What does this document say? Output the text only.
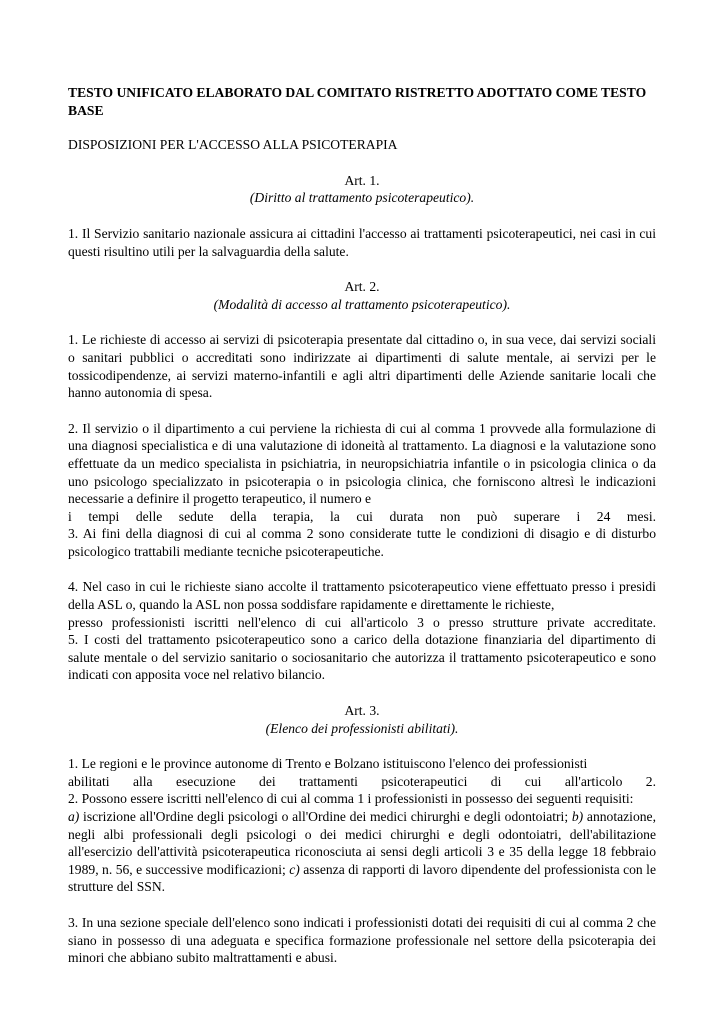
TESTO UNIFICATO ELABORATO DAL COMITATO RISTRETTO ADOTTATO COME TESTO BASE

DISPOSIZIONI PER L'ACCESSO ALLA PSICOTERAPIA

Art. 1.
(Diritto al trattamento psicoterapeutico).

1. Il Servizio sanitario nazionale assicura ai cittadini l'accesso ai trattamenti psicoterapeutici, nei casi in cui questi risultino utili per la salvaguardia della salute.

Art. 2.
(Modalità di accesso al trattamento psicoterapeutico).

1. Le richieste di accesso ai servizi di psicoterapia presentate dal cittadino o, in sua vece, dai servizi sociali o sanitari pubblici o accreditati sono indirizzate ai dipartimenti di salute mentale, ai servizi per le tossicodipendenze, ai servizi materno-infantili e agli altri dipartimenti delle Aziende sanitarie locali che hanno autonomia di spesa.

2. Il servizio o il dipartimento a cui perviene la richiesta di cui al comma 1 provvede alla formulazione di una diagnosi specialistica e di una valutazione di idoneità al trattamento. La diagnosi e la valutazione sono effettuate da un medico specialista in psichiatria, in neuropsichiatria infantile o in psicologia clinica o da uno psicologo specializzato in psicoterapia o in psicologia clinica, che forniscono altresì le indicazioni necessarie a definire il progetto terapeutico, il numero e
i tempi delle sedute della terapia, la cui durata non può superare i 24 mesi.
3. Ai fini della diagnosi di cui al comma 2 sono considerate tutte le condizioni di disagio e di disturbo psicologico trattabili mediante tecniche psicoterapeutiche.
4. Nel caso in cui le richieste siano accolte il trattamento psicoterapeutico viene effettuato presso i presidi della ASL o, quando la ASL non possa soddisfare rapidamente e direttamente le richieste,
presso professionisti iscritti nell'elenco di cui all'articolo 3 o presso strutture private accreditate.
5. I costi del trattamento psicoterapeutico sono a carico della dotazione finanziaria del dipartimento di salute mentale o del servizio sanitario o sociosanitario che autorizza il trattamento psicoterapeutico e sono indicati con apposita voce nel relativo bilancio.
Art. 3.
(Elenco dei professionisti abilitati).
1. Le regioni e le province autonome di Trento e Bolzano istituiscono l'elenco dei professionisti
abilitati alla esecuzione dei trattamenti psicoterapeutici di cui all'articolo 2.
2. Possono essere iscritti nell'elenco di cui al comma 1 i professionisti in possesso dei seguenti requisiti:
a) iscrizione all'Ordine degli psicologi o all'Ordine dei medici chirurghi e degli odontoiatri; b) annotazione, negli albi professionali degli psicologi o dei medici chirurghi e degli odontoiatri, dell'abilitazione all'esercizio dell'attività psicoterapeutica riconosciuta ai sensi degli articoli 3 e 35 della legge 18 febbraio 1989, n. 56, e successive modificazioni; c) assenza di rapporti di lavoro dipendente del professionista con le strutture del SSN.

3. In una sezione speciale dell'elenco sono indicati i professionisti dotati dei requisiti di cui al comma 2 che siano in possesso di una adeguata e specifica formazione professionale nel settore della psicoterapia dei minori che abbiano subito maltrattamenti e abusi.
